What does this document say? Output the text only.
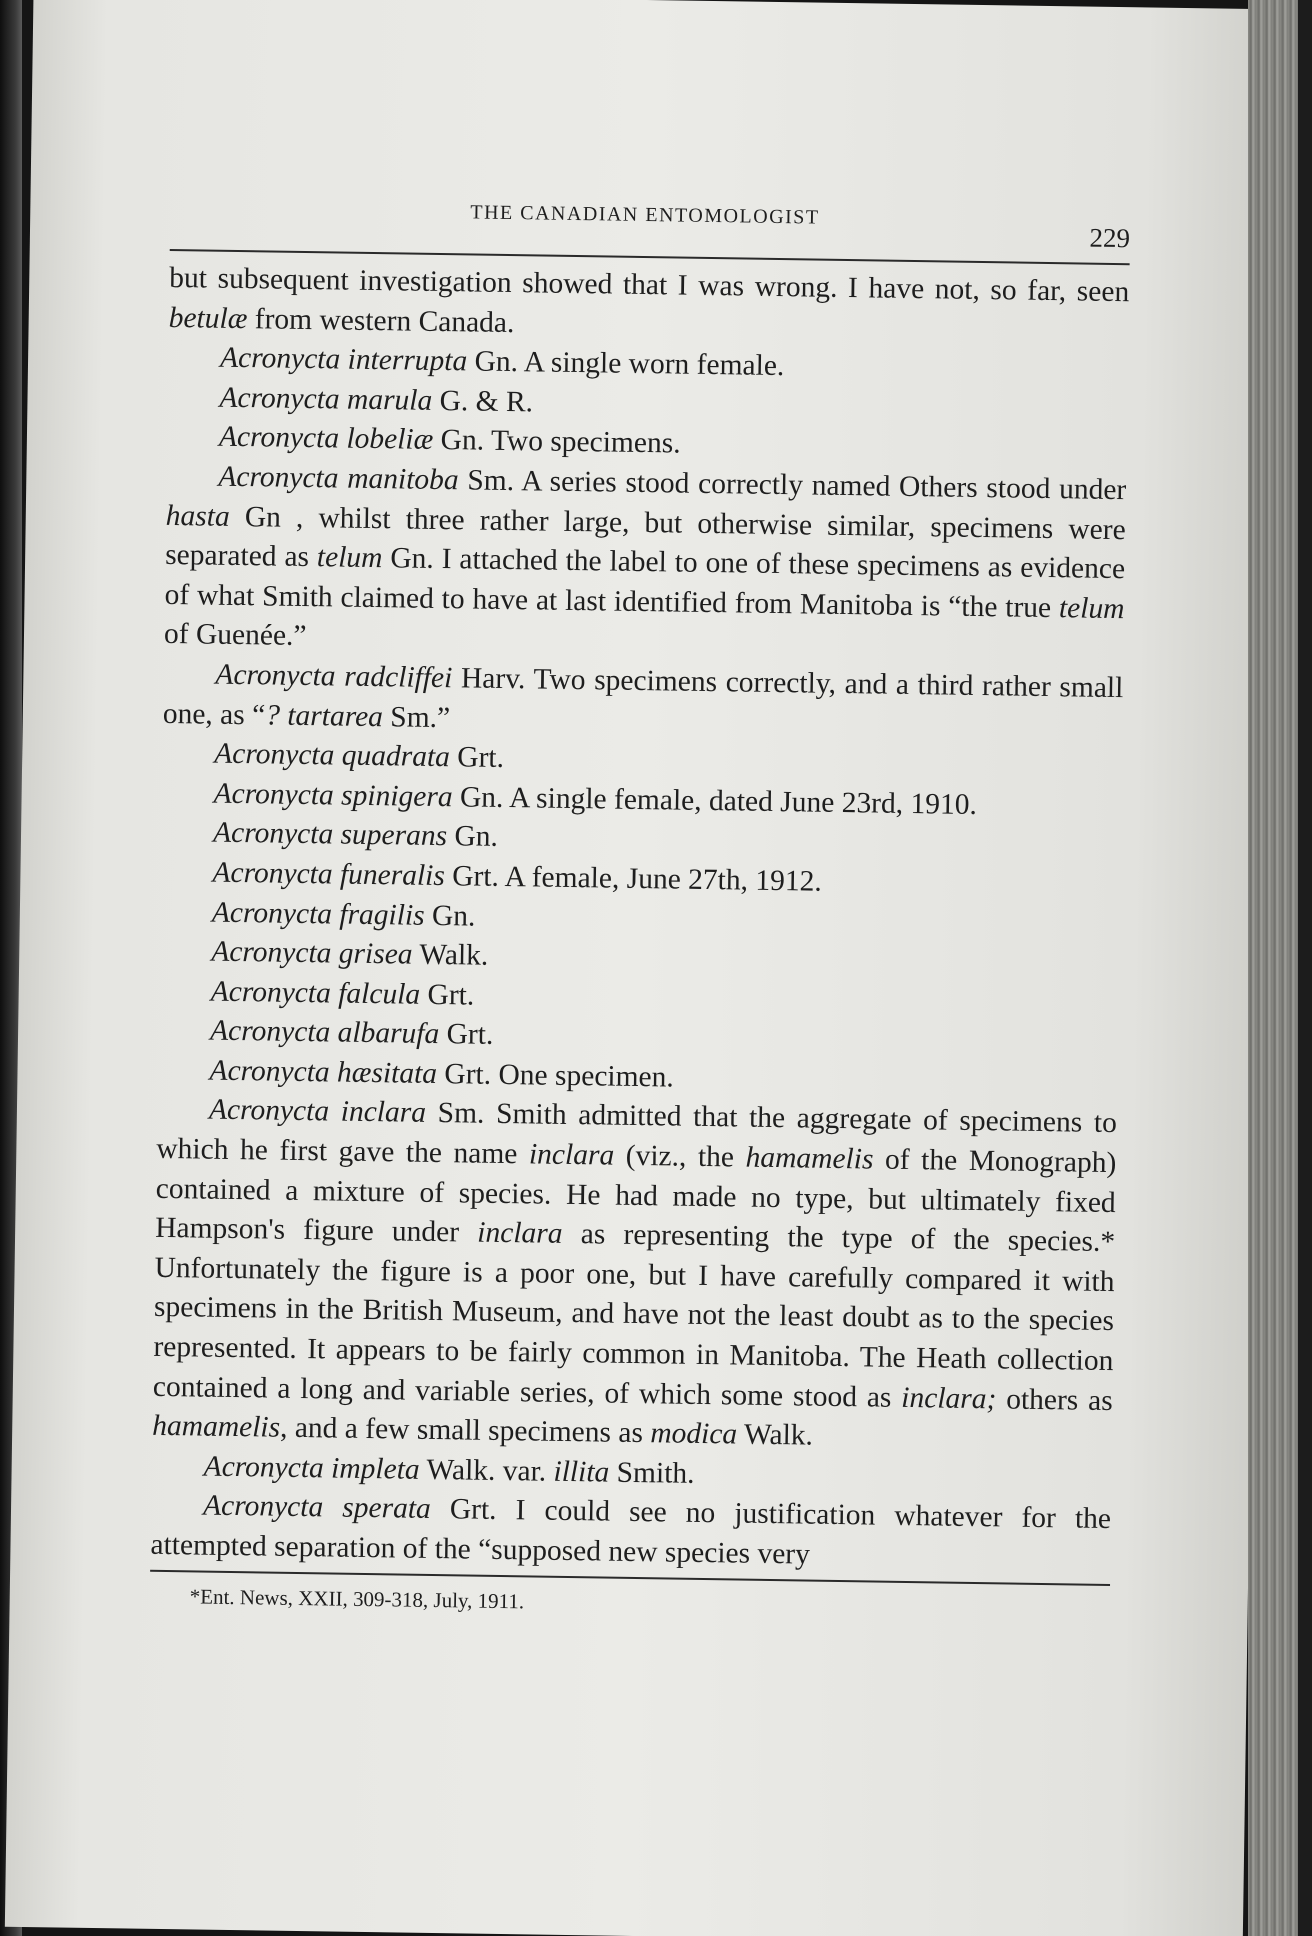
THE CANADIAN ENTOMOLOGIST
229

but subsequent investigation showed that I was wrong. I have not, so far, seen betulæ from western Canada.

Acronycta interrupta Gn. A single worn female.

Acronycta marula G. & R.

Acronycta lobeliæ Gn. Two specimens.

Acronycta manitoba Sm. A series stood correctly named Others stood under hasta Gn , whilst three rather large, but otherwise similar, specimens were separated as telum Gn. I attached the label to one of these specimens as evidence of what Smith claimed to have at last identified from Manitoba is “the true telum of Guenée.”

Acronycta radcliffei Harv. Two specimens correctly, and a third rather small one, as “? tartarea Sm.”

Acronycta quadrata Grt.

Acronycta spinigera Gn. A single female, dated June 23rd, 1910.

Acronycta superans Gn.

Acronycta funeralis Grt. A female, June 27th, 1912.

Acronycta fragilis Gn.

Acronycta grisea Walk.

Acronycta falcula Grt.

Acronycta albarufa Grt.

Acronycta hæsitata Grt. One specimen.

Acronycta inclara Sm. Smith admitted that the aggregate of specimens to which he first gave the name inclara (viz., the hamamelis of the Monograph) contained a mixture of species. He had made no type, but ultimately fixed Hampson's figure under inclara as representing the type of the species.* Unfortunately the figure is a poor one, but I have carefully compared it with specimens in the British Museum, and have not the least doubt as to the species represented. It appears to be fairly common in Manitoba. The Heath collection contained a long and variable series, of which some stood as inclara; others as hamamelis, and a few small specimens as modica Walk.

Acronycta impleta Walk. var. illita Smith.

Acronycta sperata Grt. I could see no justification whatever for the attempted separation of the “supposed new species very

*Ent. News, XXII, 309-318, July, 1911.
